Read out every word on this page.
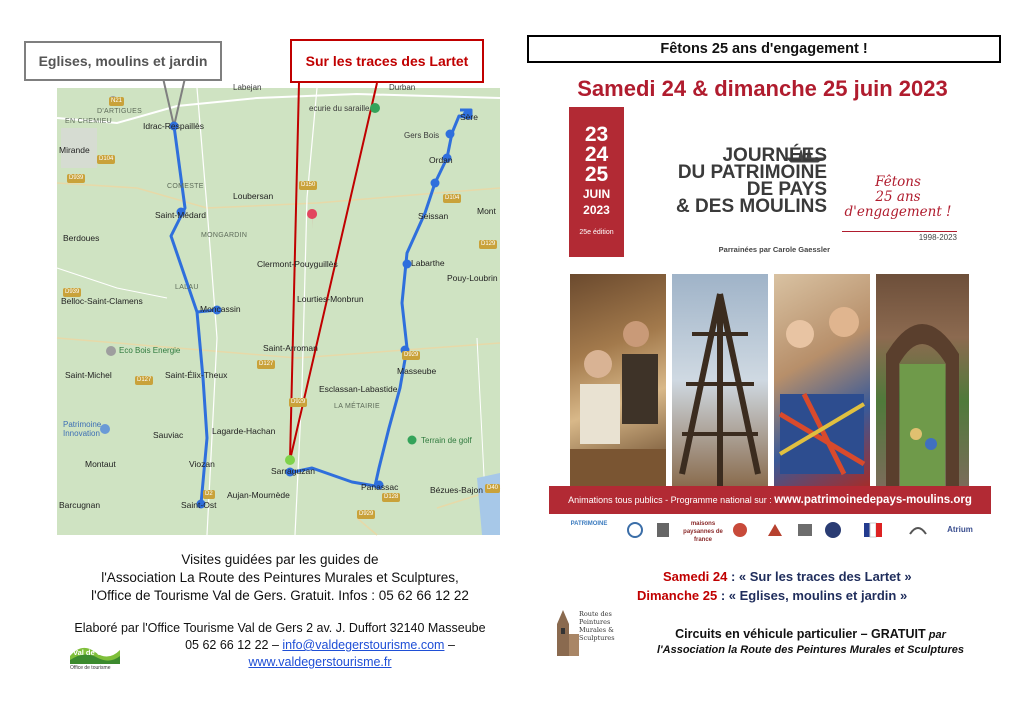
N21
D104
D939
D150
D104
D129
D929
D939
D127
D127
D929
D128
D40
D929
D2
Idrac-Respaillès
Mirande
EN CHEMIEU
D'ARTIGUES
Labejan
ecurie du saraille
Durban
Sère
Gers Bois
Ordan
COMESTE
Loubersan
Mont
Saint-Médard	Seissan
Berdoues	MONGARDIN
Clermont-Pouyguillès	Labarthe
Pouy-Loubrin
Belloc-Saint-Clamens
LALAU
Lourties-Monbrun
Moncassin
Eco Bois Energie	Saint-Arroman
Masseube
Saint-Michel	Saint-Élix-Theux
Esclassan-Labastide
LA MÉTAIRIE
Patrimoine
Innovation	Sauviac	Lagarde-Hachan
Terrain de golf
Montaut	Viozan
Sarraguzan
Aujan-Mournède
Panassac	Bézues-Bajon
Barcugnan	Saint-Ost
Eglises, moulins et jardin	Sur les traces des Lartet
Visites guidées par les guides de
l'Association La Route des Peintures Murales et Sculptures,
l'Office de Tourisme Val de Gers. Gratuit. Infos : 05 62 66 12 22
Elaboré par l'Office Tourisme Val de Gers 2 av. J. Duffort 32140 Masseube
05 62 66 12 22 – info@valdegerstourisme.com –
www.valdegerstourisme.fr
Val de Gers
Office de tourisme
Fêtons 25 ans d'engagement !
Samedi 24 & dimanche 25 juin 2023
23
24
25
JUIN
2023
25e édition
JOURNÉES
DU PATRIMOINE
DE PAYS
& DES MOULINS
Parrainées par Carole Gaessler
Fêtons
25 ans
d'engagement !
1998-2023
Animations tous publics - Programme national sur : www.patrimoinedepays-moulins.org
PATRIMOINE	maisons paysannes de france
Atrium
Samedi 24 : « Sur les traces des Lartet »
Dimanche 25 : « Eglises, moulins et jardin »
Route des Peintures Murales & Sculptures	Circuits en véhicule particulier – GRATUIT par
l'Association la Route des Peintures Murales et Sculptures
